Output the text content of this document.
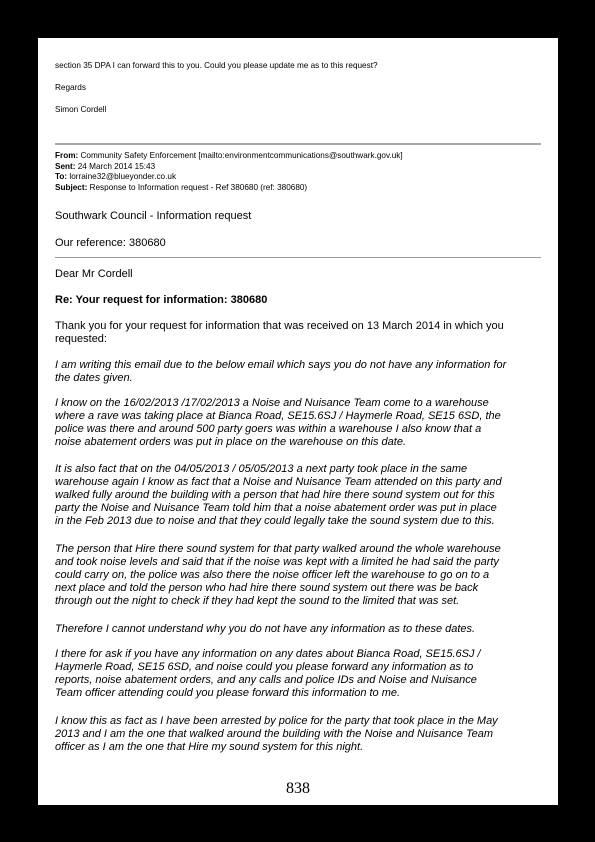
section 35 DPA I can forward this to you. Could you please update me as to this request?
Regards
Simon Cordell
From: Community Safety Enforcement [mailto:environmentcommunications@southwark.gov.uk]
Sent: 24 March 2014 15:43
To: lorraine32@blueyonder.co.uk
Subject: Response to Information request - Ref 380680 (ref: 380680)
Southwark Council - Information request
Our reference: 380680
Dear Mr Cordell
Re: Your request for information: 380680
Thank you for your request for information that was received on 13 March 2014 in which you
requested:
I am writing this email due to the below email which says you do not have any information for
the dates given.
I know on the 16/02/2013 /17/02/2013 a Noise and Nuisance Team come to a warehouse
where a rave was taking place at Bianca Road, SE15.6SJ / Haymerle Road, SE15 6SD, the
police was there and around 500 party goers was within a warehouse I also know that a
noise abatement orders was put in place on the warehouse on this date.
It is also fact that on the 04/05/2013 / 05/05/2013 a next party took place in the same
warehouse again I know as fact that a Noise and Nuisance Team attended on this party and
walked fully around the building with a person that had hire there sound system out for this
party the Noise and Nuisance Team told him that a noise abatement order was put in place
in the Feb 2013 due to noise and that they could legally take the sound system due to this.
The person that Hire there sound system for that party walked around the whole warehouse
and took noise levels and said that if the noise was kept with a limited he had said the party
could carry on, the police was also there the noise officer left the warehouse to go on to a
next place and told the person who had hire there sound system out there was be back
through out the night to check if they had kept the sound to the limited that was set.
Therefore I cannot understand why you do not have any information as to these dates.
I there for ask if you have any information on any dates about Bianca Road, SE15.6SJ /
Haymerle Road, SE15 6SD, and noise could you please forward any information as to
reports, noise abatement orders, and any calls and police IDs and Noise and Nuisance
Team officer attending could you please forward this information to me.
I know this as fact as I have been arrested by police for the party that took place in the May
2013 and I am the one that walked around the building with the Noise and Nuisance Team
officer as I am the one that Hire my sound system for this night.
838
